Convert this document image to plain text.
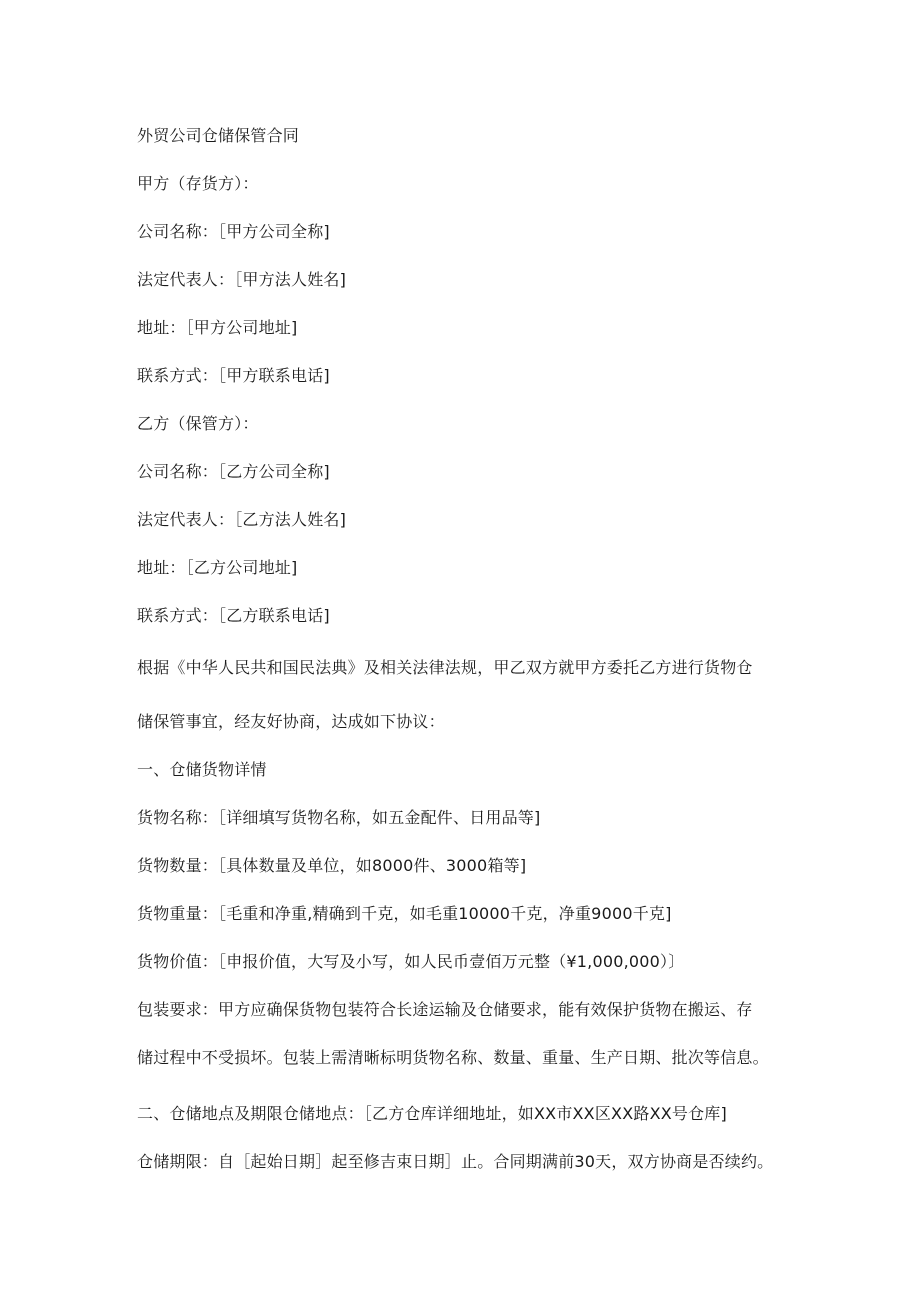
外贸公司仓储保管合同
甲方（存货方）：
公司名称：［甲方公司全称]
法定代表人：［甲方法人姓名]
地址：［甲方公司地址]
联系方式：［甲方联系电话]
乙方（保管方）：
公司名称：［乙方公司全称]
法定代表人：［乙方法人姓名]
地址：［乙方公司地址]
联系方式：［乙方联系电话]
根据《中华人民共和国民法典》及相关法律法规，甲乙双方就甲方委托乙方进行货物仓
储保管事宜，经友好协商，达成如下协议：
一、仓储货物详情
货物名称：［详细填写货物名称，如五金配件、日用品等]
货物数量：［具体数量及单位，如8000件、3000箱等]
货物重量：［毛重和净重,精确到千克，如毛重10000千克，净重9000千克]
货物价值：［申报价值，大写及小写，如人民币壹佰万元整（¥1,000,000）〕
包装要求：甲方应确保货物包装符合长途运输及仓储要求，能有效保护货物在搬运、存
储过程中不受损坏。包装上需清晰标明货物名称、数量、重量、生产日期、批次等信息。
二、仓储地点及期限仓储地点：［乙方仓库详细地址，如XX市XX区XX路XX号仓库]
仓储期限：自［起始日期］起至修吉束日期］止。合同期满前30天，双方协商是否续约。
